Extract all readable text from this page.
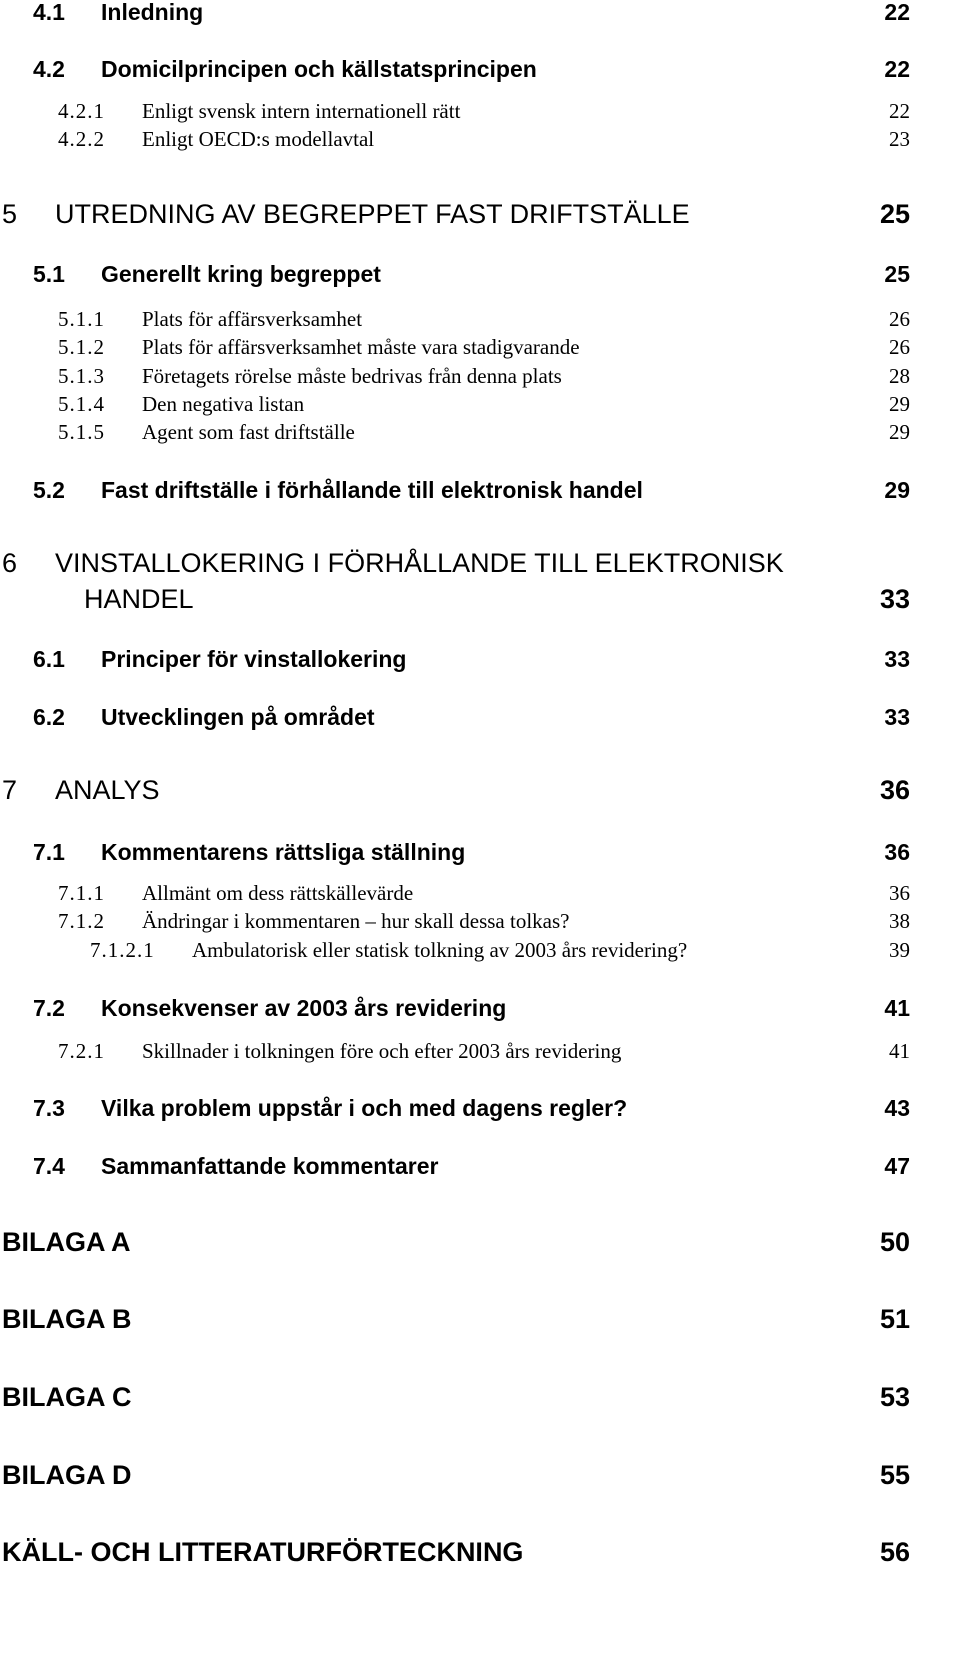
4.1 Inledning	22
4.2 Domicilprincipen och källstatsprincipen	22
4.2.1 Enligt svensk intern internationell rätt	22
4.2.2 Enligt OECD:s modellavtal	23
5 UTREDNING AV BEGREPPET FAST DRIFTSTÄLLE	25
5.1 Generellt kring begreppet	25
5.1.1 Plats för affärsverksamhet	26
5.1.2 Plats för affärsverksamhet måste vara stadigvarande	26
5.1.3 Företagets rörelse måste bedrivas från denna plats	28
5.1.4 Den negativa listan	29
5.1.5 Agent som fast driftställe	29
5.2 Fast driftställe i förhållande till elektronisk handel	29
6 VINSTALLOKERING I FÖRHÅLLANDE TILL ELEKTRONISK
HANDEL	33
6.1 Principer för vinstallokering	33
6.2 Utvecklingen på området	33
7 ANALYS	36
7.1 Kommentarens rättsliga ställning	36
7.1.1 Allmänt om dess rättskällevärde	36
7.1.2 Ändringar i kommentaren – hur skall dessa tolkas?	38
7.1.2.1 Ambulatorisk eller statisk tolkning av 2003 års revidering?	39
7.2 Konsekvenser av 2003 års revidering	41
7.2.1 Skillnader i tolkningen före och efter 2003 års revidering	41
7.3 Vilka problem uppstår i och med dagens regler?	43
7.4 Sammanfattande kommentarer	47
BILAGA A	50
BILAGA B	51
BILAGA C	53
BILAGA D	55
KÄLL- OCH LITTERATURFÖRTECKNING	56
